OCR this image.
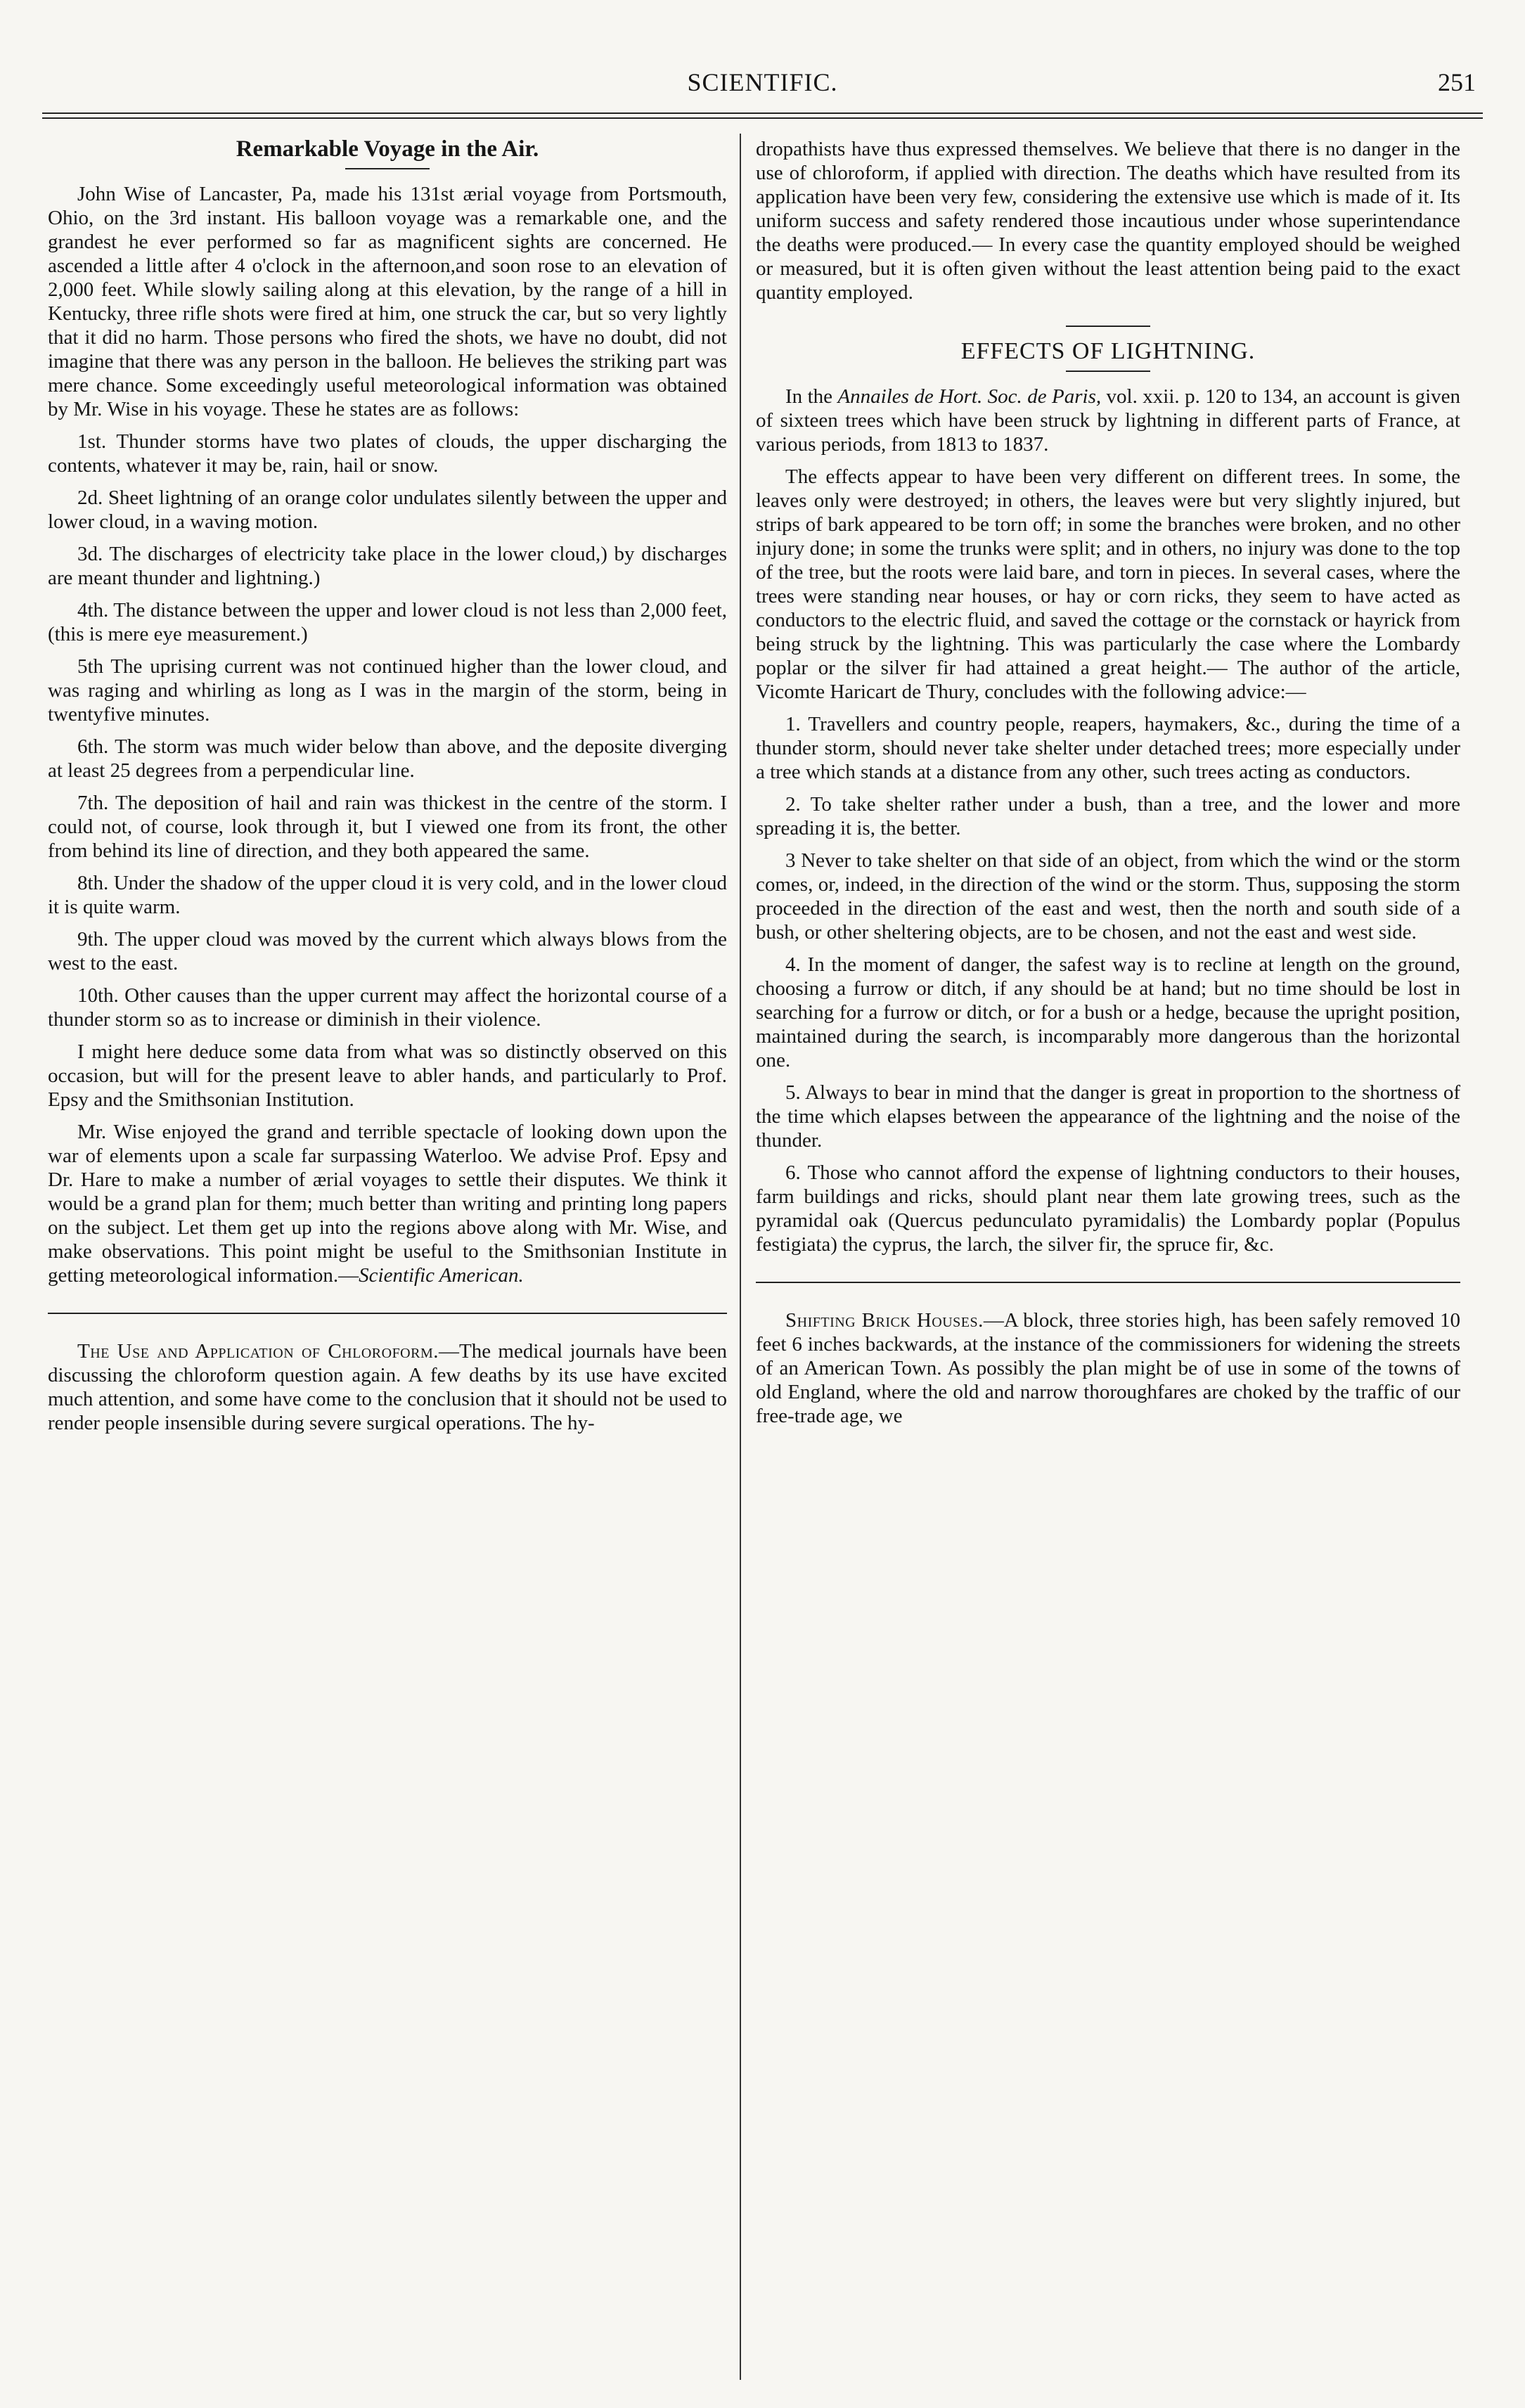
SCIENTIFIC.	251
Remarkable Voyage in the Air.

John Wise of Lancaster, Pa, made his 131st ærial voyage from Portsmouth, Ohio, on the 3rd instant. His balloon voyage was a remarkable one, and the grandest he ever performed so far as magnificent sights are concerned. He ascended a little after 4 o'clock in the afternoon,and soon rose to an elevation of 2,000 feet. While slowly sailing along at this elevation, by the range of a hill in Kentucky, three rifle shots were fired at him, one struck the car, but so very lightly that it did no harm. Those persons who fired the shots, we have no doubt, did not imagine that there was any person in the balloon. He believes the striking part was mere chance. Some exceedingly useful meteorological information was obtained by Mr. Wise in his voyage. These he states are as follows:

1st. Thunder storms have two plates of clouds, the upper discharging the contents, whatever it may be, rain, hail or snow.

2d. Sheet lightning of an orange color undulates silently between the upper and lower cloud, in a waving motion.

3d. The discharges of electricity take place in the lower cloud,) by discharges are meant thunder and lightning.)

4th. The distance between the upper and lower cloud is not less than 2,000 feet, (this is mere eye measurement.)

5th The uprising current was not continued higher than the lower cloud, and was raging and whirling as long as I was in the margin of the storm, being in twentyfive minutes.

6th. The storm was much wider below than above, and the deposite diverging at least 25 degrees from a perpendicular line.

7th. The deposition of hail and rain was thickest in the centre of the storm. I could not, of course, look through it, but I viewed one from its front, the other from behind its line of direction, and they both appeared the same.

8th. Under the shadow of the upper cloud it is very cold, and in the lower cloud it is quite warm.

9th. The upper cloud was moved by the current which always blows from the west to the east.

10th. Other causes than the upper current may affect the horizontal course of a thunder storm so as to increase or diminish in their violence.

I might here deduce some data from what was so distinctly observed on this occasion, but will for the present leave to abler hands, and particularly to Prof. Epsy and the Smithsonian Institution.

Mr. Wise enjoyed the grand and terrible spectacle of looking down upon the war of elements upon a scale far surpassing Waterloo. We advise Prof. Epsy and Dr. Hare to make a number of ærial voyages to settle their disputes. We think it would be a grand plan for them; much better than writing and printing long papers on the subject. Let them get up into the regions above along with Mr. Wise, and make observations. This point might be useful to the Smithsonian Institute in getting meteorological information.—Scientific American.

The Use and Application of Chloroform.—The medical journals have been discussing the chloroform question again. A few deaths by its use have excited much attention, and some have come to the conclusion that it should not be used to render people insensible during severe surgical operations. The hy-

dropathists have thus expressed themselves. We believe that there is no danger in the use of chloroform, if applied with direction. The deaths which have resulted from its application have been very few, considering the extensive use which is made of it. Its uniform success and safety rendered those incautious under whose superintendance the deaths were produced.— In every case the quantity employed should be weighed or measured, but it is often given without the least attention being paid to the exact quantity employed.

EFFECTS OF LIGHTNING.

In the Annailes de Hort. Soc. de Paris, vol. xxii. p. 120 to 134, an account is given of sixteen trees which have been struck by lightning in different parts of France, at various periods, from 1813 to 1837.

The effects appear to have been very different on different trees. In some, the leaves only were destroyed; in others, the leaves were but very slightly injured, but strips of bark appeared to be torn off; in some the branches were broken, and no other injury done; in some the trunks were split; and in others, no injury was done to the top of the tree, but the roots were laid bare, and torn in pieces. In several cases, where the trees were standing near houses, or hay or corn ricks, they seem to have acted as conductors to the electric fluid, and saved the cottage or the cornstack or hayrick from being struck by the lightning. This was particularly the case where the Lombardy poplar or the silver fir had attained a great height.— The author of the article, Vicomte Haricart de Thury, concludes with the following advice:—

1. Travellers and country people, reapers, haymakers, &c., during the time of a thunder storm, should never take shelter under detached trees; more especially under a tree which stands at a distance from any other, such trees acting as conductors.

2. To take shelter rather under a bush, than a tree, and the lower and more spreading it is, the better.

3 Never to take shelter on that side of an object, from which the wind or the storm comes, or, indeed, in the direction of the wind or the storm. Thus, supposing the storm proceeded in the direction of the east and west, then the north and south side of a bush, or other sheltering objects, are to be chosen, and not the east and west side.

4. In the moment of danger, the safest way is to recline at length on the ground, choosing a furrow or ditch, if any should be at hand; but no time should be lost in searching for a furrow or ditch, or for a bush or a hedge, because the upright position, maintained during the search, is incomparably more dangerous than the horizontal one.

5. Always to bear in mind that the danger is great in proportion to the shortness of the time which elapses between the appearance of the lightning and the noise of the thunder.

6. Those who cannot afford the expense of lightning conductors to their houses, farm buildings and ricks, should plant near them late growing trees, such as the pyramidal oak (Quercus pedunculato pyramidalis) the Lombardy poplar (Populus festigiata) the cyprus, the larch, the silver fir, the spruce fir, &c.

Shifting Brick Houses.—A block, three stories high, has been safely removed 10 feet 6 inches backwards, at the instance of the commissioners for widening the streets of an American Town. As possibly the plan might be of use in some of the towns of old England, where the old and narrow thoroughfares are choked by the traffic of our free-trade age, we
